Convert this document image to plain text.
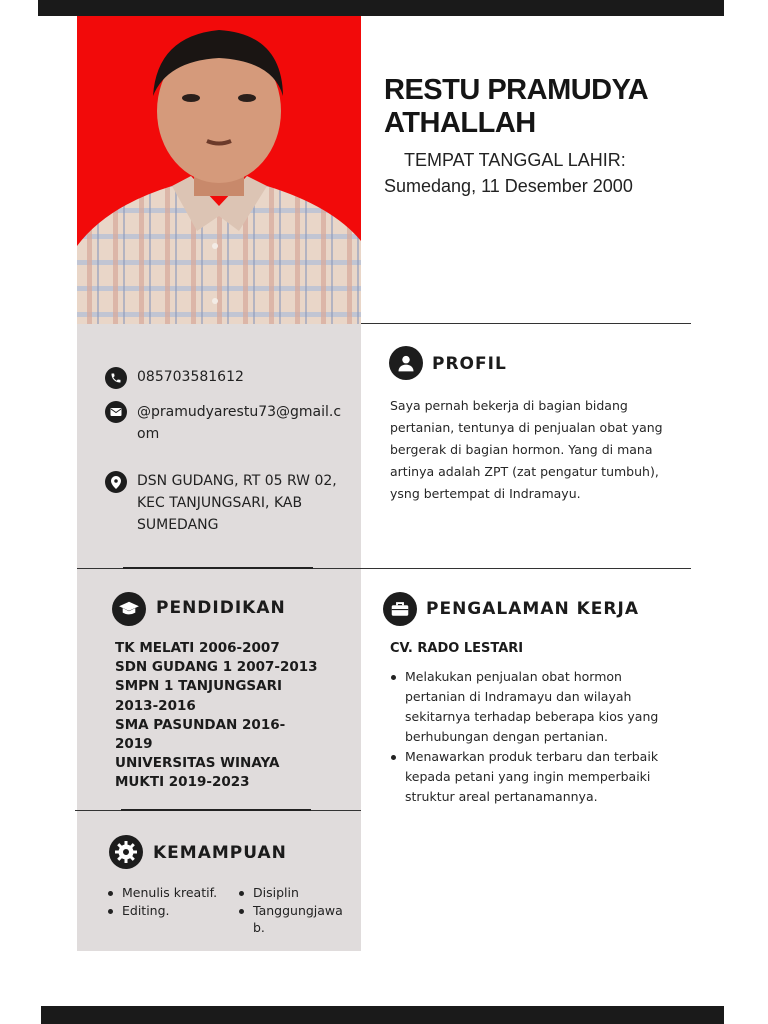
RESTU PRAMUDYA
ATHALLAH
TEMPAT TANGGAL LAHIR:
Sumedang, 11 Desember 2000
085703581612
@pramudyarestu73@gmail.c
om
DSN GUDANG, RT 05 RW 02,
KEC TANJUNGSARI, KAB
SUMEDANG
PROFIL
Saya pernah bekerja di bagian bidang
pertanian, tentunya di penjualan obat yang
bergerak di bagian hormon. Yang di mana
artinya adalah ZPT (zat pengatur tumbuh),
ysng bertempat di Indramayu.
PENDIDIKAN
TK MELATI 2006-2007
SDN GUDANG 1 2007-2013
SMPN 1 TANJUNGSARI
2013-2016
SMA PASUNDAN 2016-
2019
UNIVERSITAS WINAYA
MUKTI 2019-2023
PENGALAMAN KERJA
CV. RADO LESTARI
Melakukan penjualan obat hormon
pertanian di Indramayu dan wilayah
sekitarnya terhadap beberapa kios yang
berhubungan dengan pertanian.
Menawarkan produk terbaru dan terbaik
kepada petani yang ingin memperbaiki
struktur areal pertanamannya.
KEMAMPUAN
Menulis kreatif.
Editing.
Disiplin
Tanggungjawa
b.
